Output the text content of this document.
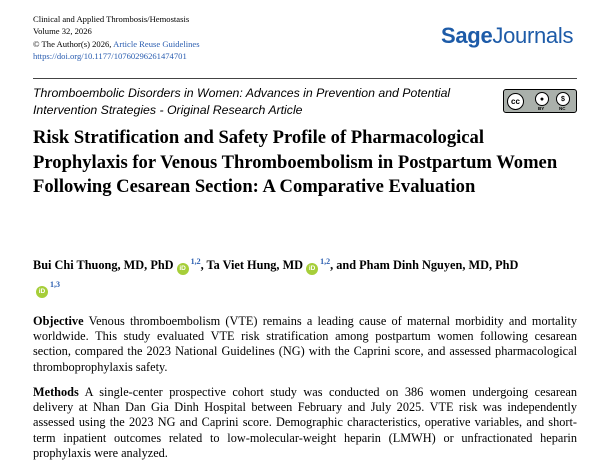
Clinical and Applied Thrombosis/Hemostasis
Volume 32, 2026
© The Author(s) 2026, Article Reuse Guidelines
https://doi.org/10.1177/10760296261474701
SageJournals
Thromboembolic Disorders in Women: Advances in Prevention and Potential Intervention Strategies - Original Research Article
cc	●	$
BY	NC
Risk Stratification and Safety Profile of Pharmacological Prophylaxis for Venous Thromboembolism in Postpartum Women Following Cesarean Section: A Comparative Evaluation
Bui Chi Thuong, MD, PhD iD$^{1,2}$, Ta Viet Hung, MD iD$^{1,2}$, and Pham Dinh Nguyen, MD, PhD
iD$^{1,3}$
Objective Venous thromboembolism (VTE) remains a leading cause of maternal morbidity and mortality worldwide. This study evaluated VTE risk stratification among postpartum women following cesarean section, compared the 2023 National Guidelines (NG) with the Caprini score, and assessed pharmacological thromboprophylaxis safety.
Methods A single-center prospective cohort study was conducted on 386 women undergoing cesarean delivery at Nhan Dan Gia Dinh Hospital between February and July 2025. VTE risk was independently assessed using the 2023 NG and Caprini score. Demographic characteristics, operative variables, and short-term inpatient outcomes related to low-molecular-weight heparin (LMWH) or unfractionated heparin prophylaxis were analyzed.
